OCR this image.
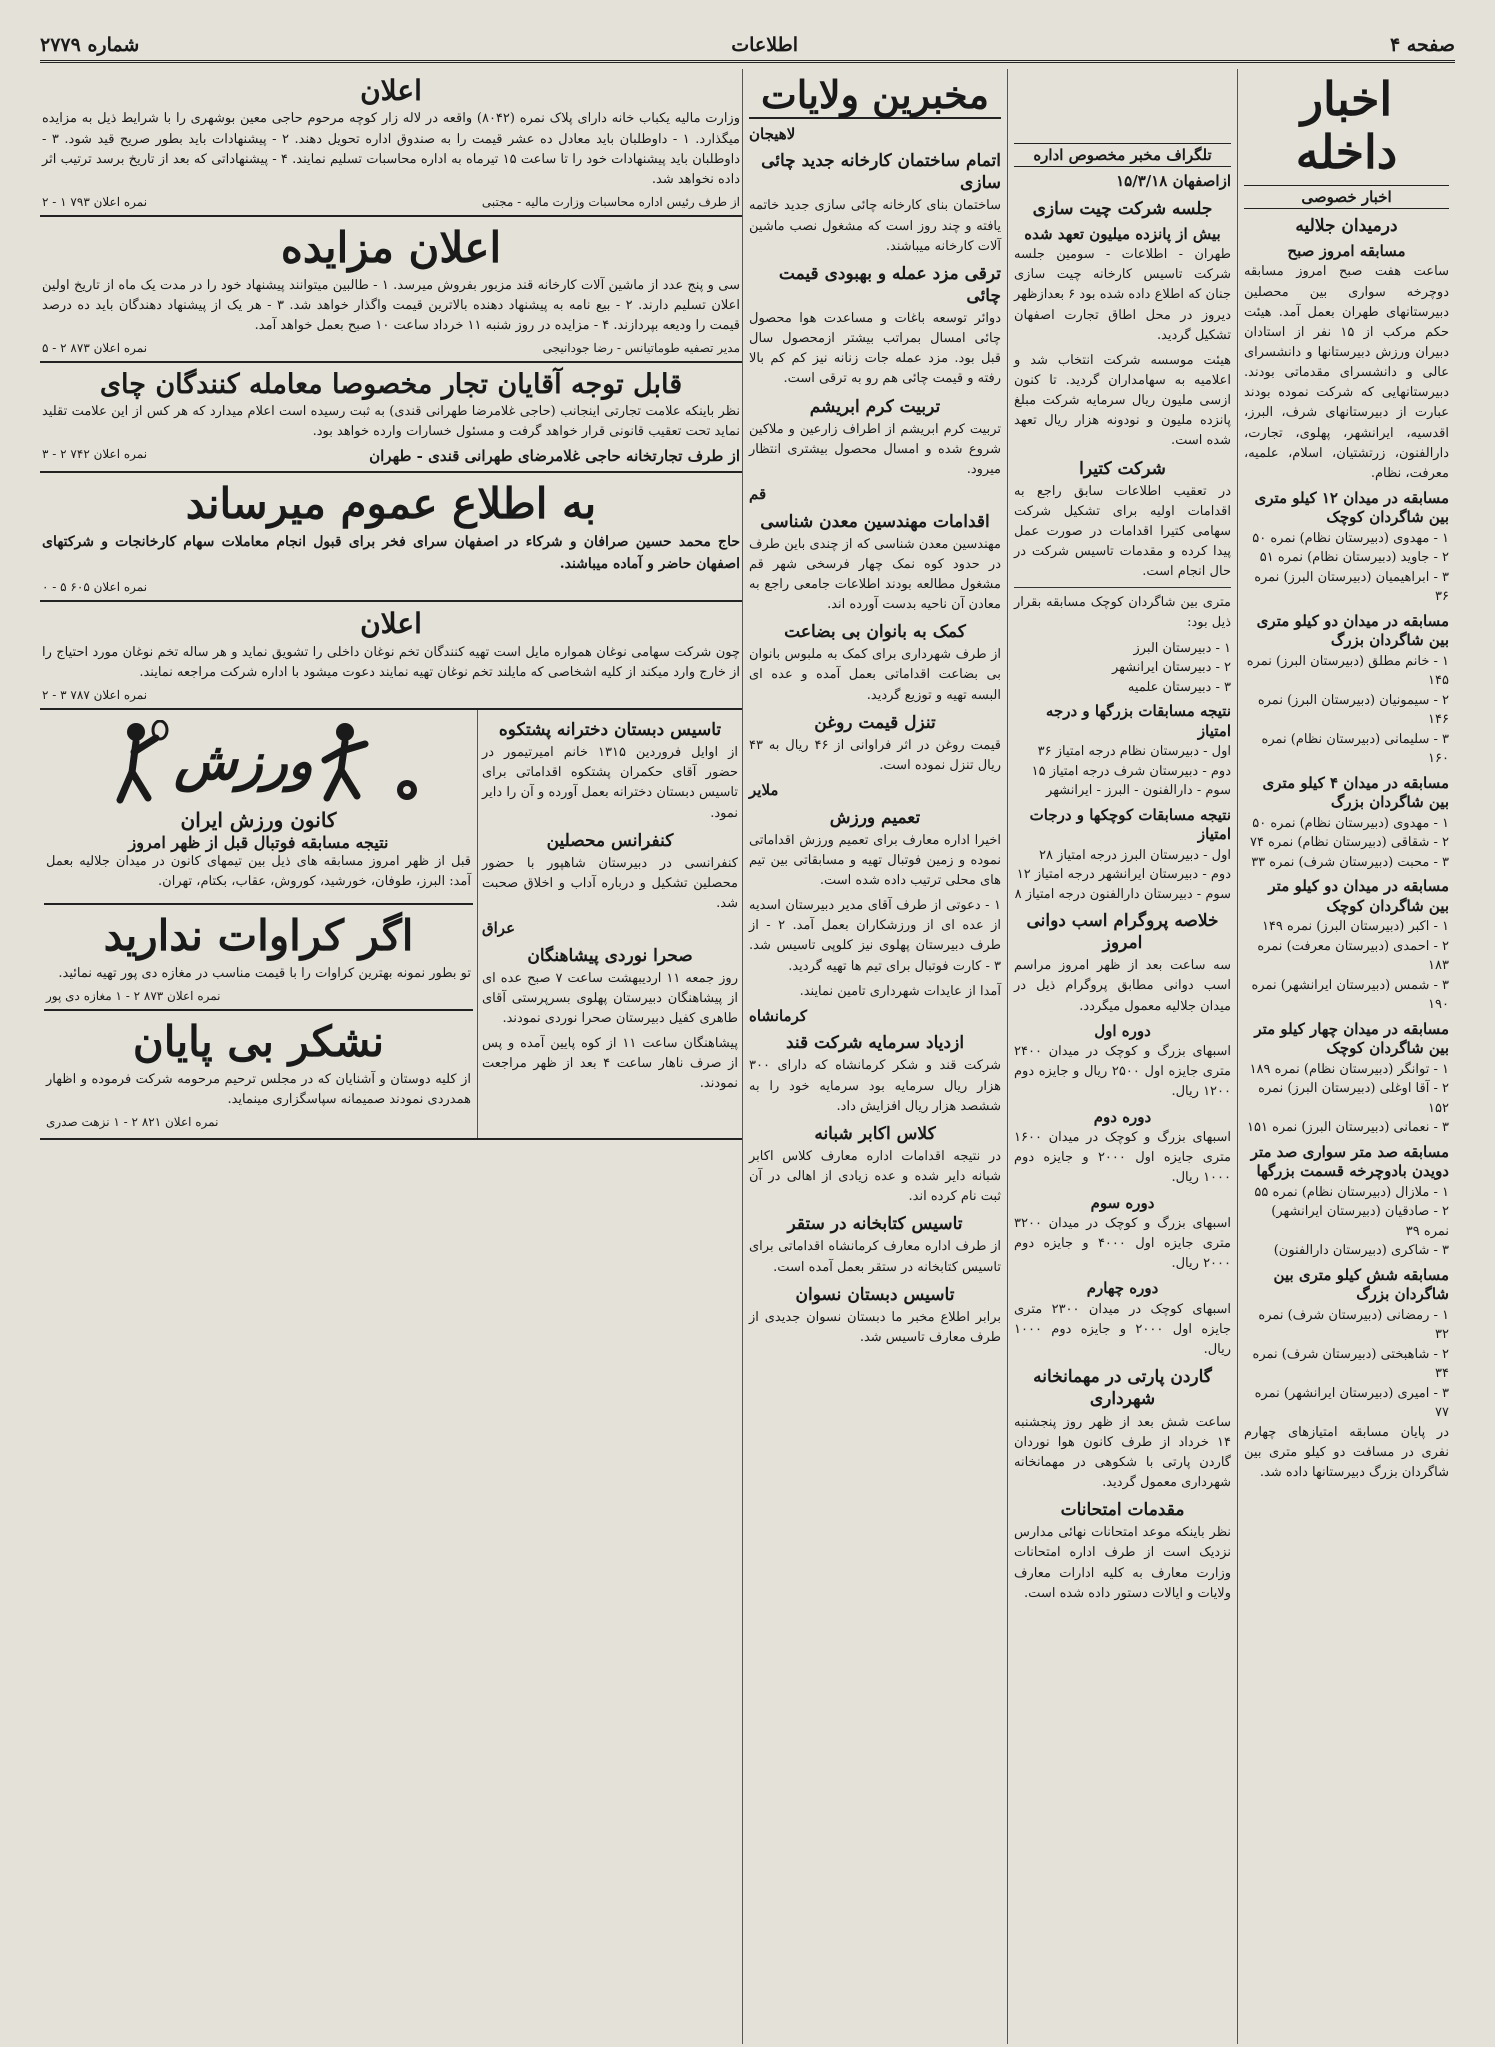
صفحه ۴
اطلاعات
شماره ۲۷۷۹
اخبار داخله
اخبار خصوصی
درمیدان جلالیه
مسابقه امروز صبح

ساعت هفت صبح امروز مسابقه دوچرخه سواری بین محصلین دبیرستانهای طهران بعمل آمد. هیئت حکم مرکب از ۱۵ نفر از استادان دبیران ورزش دبیرستانها و دانشسرای عالی و دانشسرای مقدماتی بودند. دبیرستانهایی که شرکت نموده بودند عبارت از دبیرستانهای شرف، البرز، اقدسیه، ایرانشهر، پهلوی، تجارت، دارالفنون، زرتشتیان، اسلام، علمیه، معرفت، نظام.

مسابقه در میدان ۱۲ کیلو متری بین شاگردان کوچک
۱ - مهدوی (دبیرستان نظام) نمره ۵۰
۲ - جاوید (دبیرستان نظام) نمره ۵۱
۳ - ابراهیمیان (دبیرستان البرز) نمره ۳۶
مسابقه در میدان دو کیلو متری بین شاگردان بزرگ
۱ - خانم مطلق (دبیرستان البرز) نمره ۱۴۵
۲ - سیمونیان (دبیرستان البرز) نمره ۱۴۶
۳ - سلیمانی (دبیرستان نظام) نمره ۱۶۰
مسابقه در میدان ۴ کیلو متری بین شاگردان بزرگ
۱ - مهدوی (دبیرستان نظام) نمره ۵۰
۲ - شقاقی (دبیرستان نظام) نمره ۷۴
۳ - محبت (دبیرستان شرف) نمره ۳۳
مسابقه در میدان دو کیلو متر بین شاگردان کوچک
۱ - اکبر (دبیرستان البرز) نمره ۱۴۹
۲ - احمدی (دبیرستان معرفت) نمره ۱۸۳
۳ - شمس (دبیرستان ایرانشهر) نمره ۱۹۰
مسابقه در میدان چهار کیلو متر بین شاگردان کوچک
۱ - توانگر (دبیرستان نظام) نمره ۱۸۹
۲ - آقا اوغلی (دبیرستان البرز) نمره ۱۵۲
۳ - نعمانی (دبیرستان البرز) نمره ۱۵۱
مسابقه صد متر سواری صد متر دویدن بادوچرخه قسمت بزرگها
۱ - ملازال (دبیرستان نظام) نمره ۵۵
۲ - صادقیان (دبیرستان ایرانشهر) نمره ۳۹
۳ - شاکری (دبیرستان دارالفنون)
مسابقه شش کیلو متری بین شاگردان بزرگ
۱ - رمضانی (دبیرستان شرف) نمره ۳۲
۲ - شاهبختی (دبیرستان شرف) نمره ۳۴
۳ - امیری (دبیرستان ایرانشهر) نمره ۷۷

در پایان مسابقه امتیازهای چهارم نفری در مسافت دو کیلو متری بین شاگردان بزرگ دبیرستانها داده شد.

تلگراف مخبر مخصوص اداره
ازاصفهان ۱۵/۳/۱۸
جلسه شرکت چیت سازی
بیش از پانزده میلیون تعهد شده

طهران - اطلاعات - سومین جلسه شرکت تاسیس کارخانه چیت سازی جنان که اطلاع داده شده بود ۶ بعدازظهر دیروز در محل اطاق تجارت اصفهان تشکیل گردید.

هیئت موسسه شرکت انتخاب شد و اعلامیه به سهامداران گردید. تا کنون ازسی ملیون ریال سرمایه شرکت مبلغ پانزده ملیون و نودونه هزار ریال تعهد شده است.

شرکت کتیرا

در تعقیب اطلاعات سابق راجع به اقدامات اولیه برای تشکیل شرکت سهامی کتیرا اقدامات در صورت عمل پیدا کرده و مقدمات تاسیس شرکت در حال انجام است.

متری بین شاگردان کوچک مسابقه بقرار ذیل بود:

۱ - دبیرستان البرز
۲ - دبیرستان ایرانشهر
۳ - دبیرستان علمیه
نتیجه مسابقات بزرگها و درجه امتیاز
اول - دبیرستان نظام درجه امتیاز ۳۶
دوم - دبیرستان شرف درجه امتیاز ۱۵
سوم - دارالفنون - البرز - ایرانشهر
نتیجه مسابقات کوچکها و درجات امتیاز
اول - دبیرستان البرز درجه امتیاز ۲۸
دوم - دبیرستان ایرانشهر درجه امتیاز ۱۲
سوم - دبیرستان دارالفنون درجه امتیاز ۸
خلاصه پروگرام اسب دوانی امروز

سه ساعت بعد از ظهر امروز مراسم اسب دوانی مطابق پروگرام ذیل در میدان جلالیه معمول میگردد.

دوره اول

اسبهای بزرگ و کوچک در میدان ۲۴۰۰ متری جایزه اول ۲۵۰۰ ریال و جایزه دوم ۱۲۰۰ ریال.

دوره دوم

اسبهای بزرگ و کوچک در میدان ۱۶۰۰ متری جایزه اول ۲۰۰۰ و جایزه دوم ۱۰۰۰ ریال.

دوره سوم

اسبهای بزرگ و کوچک در میدان ۳۲۰۰ متری جایزه اول ۴۰۰۰ و جایزه دوم ۲۰۰۰ ریال.

دوره چهارم

اسبهای کوچک در میدان ۲۳۰۰ متری جایزه اول ۲۰۰۰ و جایزه دوم ۱۰۰۰ ریال.

گاردن پارتی در مهمانخانه شهرداری

ساعت شش بعد از ظهر روز پنجشنبه ۱۴ خرداد از طرف کانون هوا نوردان گاردن پارتی با شکوهی در مهمانخانه شهرداری معمول گردید.

مقدمات امتحانات

نظر باینکه موعد امتحانات نهائی مدارس نزدیک است از طرف اداره امتحانات وزارت معارف به کلیه ادارات معارف ولایات و ایالات دستور داده شده است.

مخبرین ولایات
لاهیجان
اتمام ساختمان کارخانه جدید چائی سازی

ساختمان بنای کارخانه چائی سازی جدید خاتمه یافته و چند روز است که مشغول نصب ماشین آلات کارخانه میباشند.

ترقی مزد عمله و بهبودی قیمت چائی

دوائر توسعه باغات و مساعدت هوا محصول چائی امسال بمراتب بیشتر ازمحصول سال قبل بود. مزد عمله جات زنانه نیز کم کم بالا رفته و قیمت چائی هم رو به ترقی است.

تربیت کرم ابریشم

تربیت کرم ابریشم از اطراف زارعین و ملاکین شروع شده و امسال محصول بیشتری انتظار میرود.

قم
اقدامات مهندسین معدن شناسی

مهندسین معدن شناسی که از چندی باین طرف در حدود کوه نمک چهار فرسخی شهر قم مشغول مطالعه بودند اطلاعات جامعی راجع به معادن آن ناحیه بدست آورده اند.

کمک به بانوان بی بضاعت

از طرف شهرداری برای کمک به ملبوس بانوان بی بضاعت اقداماتی بعمل آمده و عده ای البسه تهیه و توزیع گردید.

تنزل قیمت روغن

قیمت روغن در اثر فراوانی از ۴۶ ریال به ۴۳ ریال تنزل نموده است.

ملایر
تعمیم ورزش

اخیرا اداره معارف برای تعمیم ورزش اقداماتی نموده و زمین فوتبال تهیه و مسابقاتی بین تیم های محلی ترتیب داده شده است.

۱ - دعوتی از طرف آقای مدیر دبیرستان اسدیه از عده ای از ورزشکاران بعمل آمد. ۲ - از طرف دبیرستان پهلوی نیز کلوپی تاسیس شد. ۳ - کارت فوتبال برای تیم ها تهیه گردید.

آمدا از عایدات شهرداری تامین نمایند.

کرمانشاه
ازدیاد سرمایه شرکت قند

شرکت قند و شکر کرمانشاه که دارای ۳۰۰ هزار ریال سرمایه بود سرمایه خود را به ششصد هزار ریال افزایش داد.

کلاس اکابر شبانه

در نتیجه اقدامات اداره معارف کلاس اکابر شبانه دایر شده و عده زیادی از اهالی در آن ثبت نام کرده اند.

تاسیس کتابخانه در ستقر

از طرف اداره معارف کرمانشاه اقداماتی برای تاسیس کتابخانه در ستقر بعمل آمده است.

تاسیس دبستان نسوان

برابر اطلاع مخبر ما دبستان نسوان جدیدی از طرف معارف تاسیس شد.

اعلان

وزارت مالیه یکباب خانه دارای پلاک نمره (۸۰۴۲) واقعه در لاله زار کوچه مرحوم حاجی معین بوشهری را با شرایط ذیل به مزایده میگذارد. ۱ - داوطلبان باید معادل ده عشر قیمت را به صندوق اداره تحویل دهند. ۲ - پیشنهادات باید بطور صریح قید شود. ۳ - داوطلبان باید پیشنهادات خود را تا ساعت ۱۵ تیرماه به اداره محاسبات تسلیم نمایند. ۴ - پیشنهاداتی که بعد از تاریخ برسد ترتیب اثر داده نخواهد شد.

از طرف رئیس اداره محاسبات وزارت مالیه - مجتبی
نمره اعلان ۷۹۳ ۱ - ۲
اعلان مزایده

سی و پنج عدد از ماشین آلات کارخانه قند مزبور بفروش میرسد. ۱ - طالبین میتوانند پیشنهاد خود را در مدت یک ماه از تاریخ اولین اعلان تسلیم دارند. ۲ - بیع نامه به پیشنهاد دهنده بالاترین قیمت واگذار خواهد شد. ۳ - هر یک از پیشنهاد دهندگان باید ده درصد قیمت را ودیعه بپردازند. ۴ - مزایده در روز شنبه ۱۱ خرداد ساعت ۱۰ صبح بعمل خواهد آمد.

مدیر تصفیه طوماتیانس - رضا جودانیجی
نمره اعلان ۸۷۳ ۲ - ۵
قابل توجه آقایان تجار مخصوصا معامله کنندگان چای

نظر باینکه علامت تجارتی اینجانب (حاجی غلامرضا طهرانی قندی) به ثبت رسیده است اعلام میدارد که هر کس از این علامت تقلید نماید تحت تعقیب قانونی قرار خواهد گرفت و مسئول خسارات وارده خواهد بود.

از طرف تجارتخانه حاجی غلامرضای طهرانی قندی - طهران
نمره اعلان ۷۴۲ ۲ - ۳
به اطلاع عموم میرساند

حاج محمد حسین صرافان و شرکاء در اصفهان سرای فخر برای قبول انجام معاملات سهام کارخانجات و شرکتهای اصفهان حاضر و آماده میباشند.

نمره اعلان ۶۰۵ ۵ - ۰
اعلان

چون شرکت سهامی نوغان همواره مایل است تهیه کنندگان تخم نوغان داخلی را تشویق نماید و هر ساله تخم نوغان مورد احتیاج را از خارج وارد میکند از کلیه اشخاصی که مایلند تخم نوغان تهیه نمایند دعوت میشود با اداره شرکت مراجعه نمایند.

نمره اعلان ۷۸۷ ۳ - ۲
تاسیس دبستان دخترانه پشتکوه

از اوایل فروردین ۱۳۱۵ خانم امیرتیمور در حضور آقای حکمران پشتکوه اقداماتی برای تاسیس دبستان دخترانه بعمل آورده و آن را دایر نمود.

کنفرانس محصلین

کنفرانسی در دبیرستان شاهپور با حضور محصلین تشکیل و درباره آداب و اخلاق صحبت شد.

عراق
صحرا نوردی پیشاهنگان

روز جمعه ۱۱ اردیبهشت ساعت ۷ صبح عده ای از پیشاهنگان دبیرستان پهلوی بسرپرستی آقای طاهری کفیل دبیرستان صحرا نوردی نمودند.

پیشاهنگان ساعت ۱۱ از کوه پایین آمده و پس از صرف ناهار ساعت ۴ بعد از ظهر مراجعت نمودند.

ورزش
کانون ورزش ایران
نتیجه مسابقه فوتبال قبل از ظهر امروز

قبل از ظهر امروز مسابقه های ذیل بین تیمهای کانون در میدان جلالیه بعمل آمد: البرز، طوفان، خورشید، کوروش، عقاب، بکتام، تهران.

اگر کراوات ندارید

تو بطور نمونه بهترین کراوات را با قیمت مناسب در مغازه دی پور تهیه نمائید.

نمره اعلان ۸۷۳ ۲ - ۱ مغازه دی پور
نشکر بی پایان

از کلیه دوستان و آشنایان که در مجلس ترحیم مرحومه شرکت فرموده و اظهار همدردی نمودند صمیمانه سپاسگزاری مینماید.

نمره اعلان ۸۲۱ ۲ - ۱ نزهت صدری
